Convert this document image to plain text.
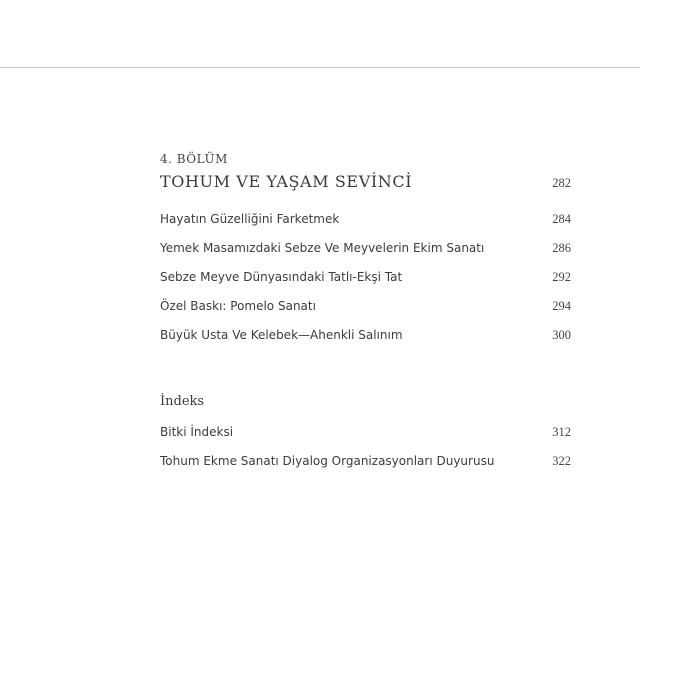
4. BÖLÜM

TOHUM VE YAŞAM SEVİNCİ	282
Hayatın Güzelliğini Farketmek	284
Yemek Masamızdaki Sebze Ve Meyvelerin Ekim Sanatı	286
Sebze Meyve Dünyasındaki Tatlı-Ekşi Tat	292
Özel Baskı: Pomelo Sanatı	294
Büyük Usta Ve Kelebek—Ahenkli Salınım	300

İndeks

Bitki İndeksi	312
Tohum Ekme Sanatı Diyalog Organizasyonları Duyurusu	322
